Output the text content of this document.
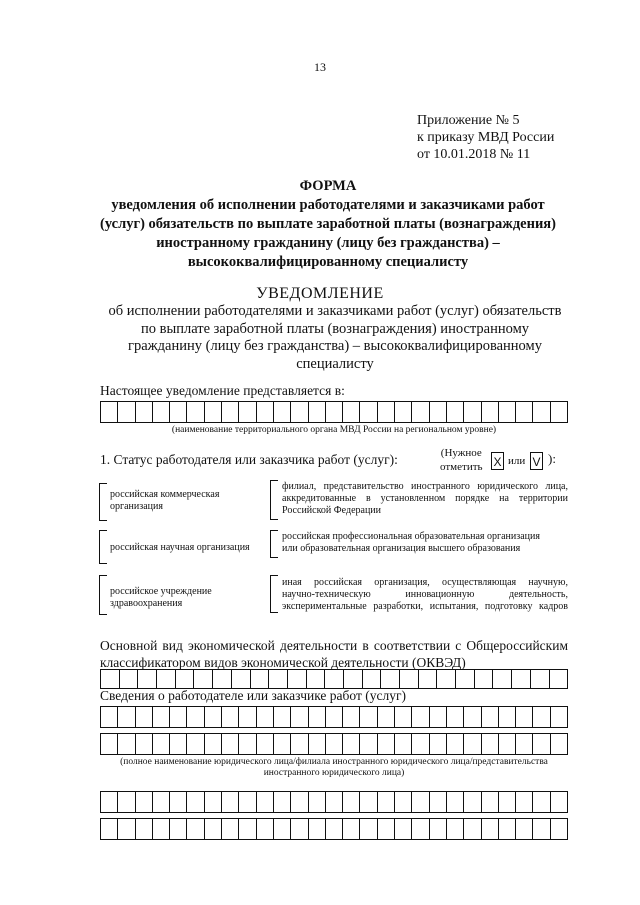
13
Приложение № 5
к приказу МВД России
от 10.01.2018 № 11
ФОРМА
уведомления об исполнении работодателями и заказчиками работ
(услуг) обязательств по выплате заработной платы (вознаграждения)
иностранному гражданину (лицу без гражданства) –
высококвалифицированному специалисту
УВЕДОМЛЕНИЕ
об исполнении работодателями и заказчиками работ (услуг) обязательств
по выплате заработной платы (вознаграждения) иностранному
гражданину (лицу без гражданства) – высококвалифицированному
специалисту
Настоящее уведомление представляется в:
(наименование территориального органа МВД России на региональном уровне)
1. Статус работодателя или заказчика работ (услуг):	(Нужное
отметить X или V ):
российская коммерческая
организация
филиал, представительство иностранного юридического лица,
аккредитованные в установленном порядке на территории
Российской Федерации
российская научная организация
российская профессиональная образовательная организация
или образовательная организация высшего образования
российское учреждение
здравоохранения
иная российская организация, осуществляющая научную,
научно-техническую	инновационную	деятельность,
экспериментальные разработки, испытания, подготовку кадров
Основной вид экономической деятельности в соответствии с Общероссийским
классификатором видов экономической деятельности (ОКВЭД)
Сведения о работодателе или заказчике работ (услуг)
(полное наименование юридического лица/филиала иностранного юридического лица/представительства
иностранного юридического лица)
